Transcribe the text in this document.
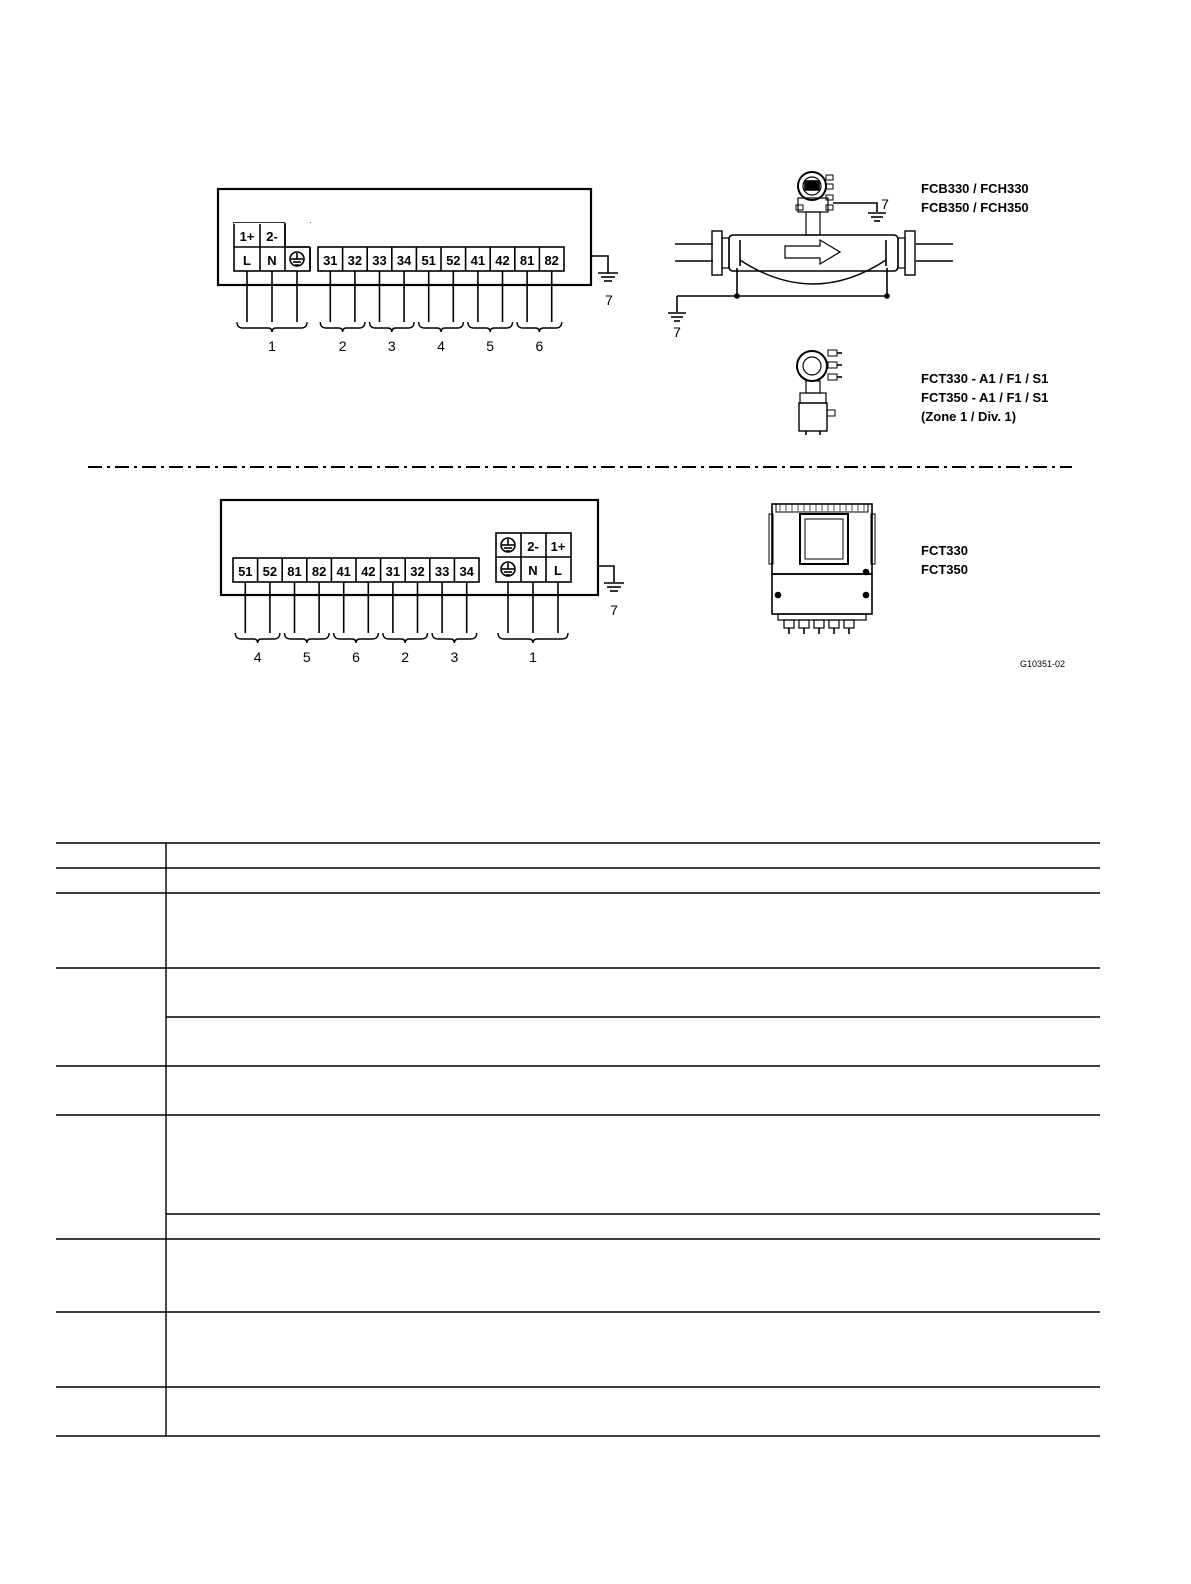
1+ 2-
L N	31 32 33 34 51 52 41 42 81 82
1	2	3	4	5	6
7
7
7
FCB330 / FCH330
FCB350 / FCH350
FCT330 - A1 / F1 / S1
FCT350 - A1 / F1 / S1
(Zone 1 / Div. 1)
51 52 81 82 41 42 31 32 33 34
2- 1+
N L
4	5	6	2	3	1
7
FCT330
FCT350
G10351-02
